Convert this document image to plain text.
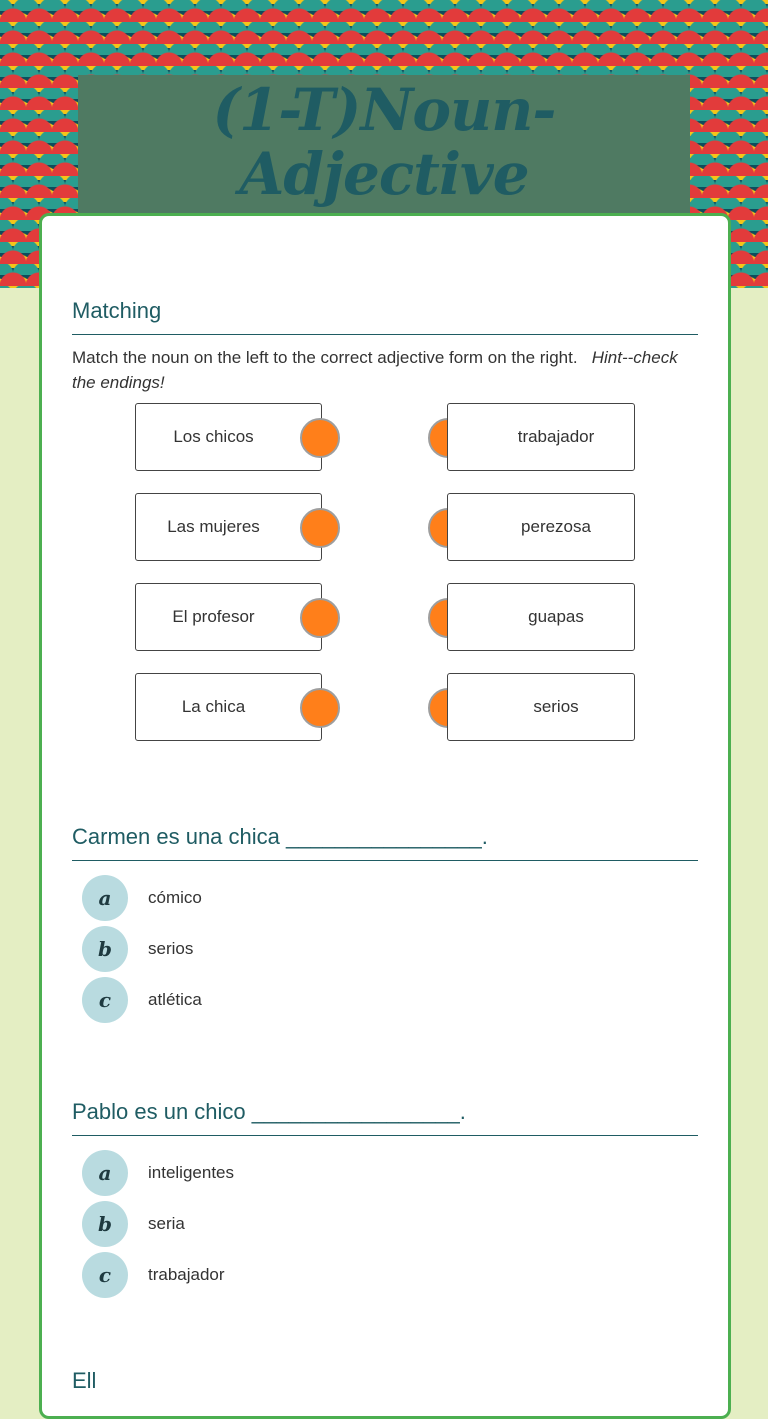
(1-T)Noun-Adjective
Matching
Match the noun on the left to the correct adjective form on the right. Hint--check the endings!
Los chicos	trabajador
Las mujeres	perezosa
El profesor	guapas
La chica	serios
Carmen es una chica ________________.
a	cómico
b	serios
c	atlética
Pablo es un chico _________________.
a	inteligentes
b	seria
c	trabajador
Ell
